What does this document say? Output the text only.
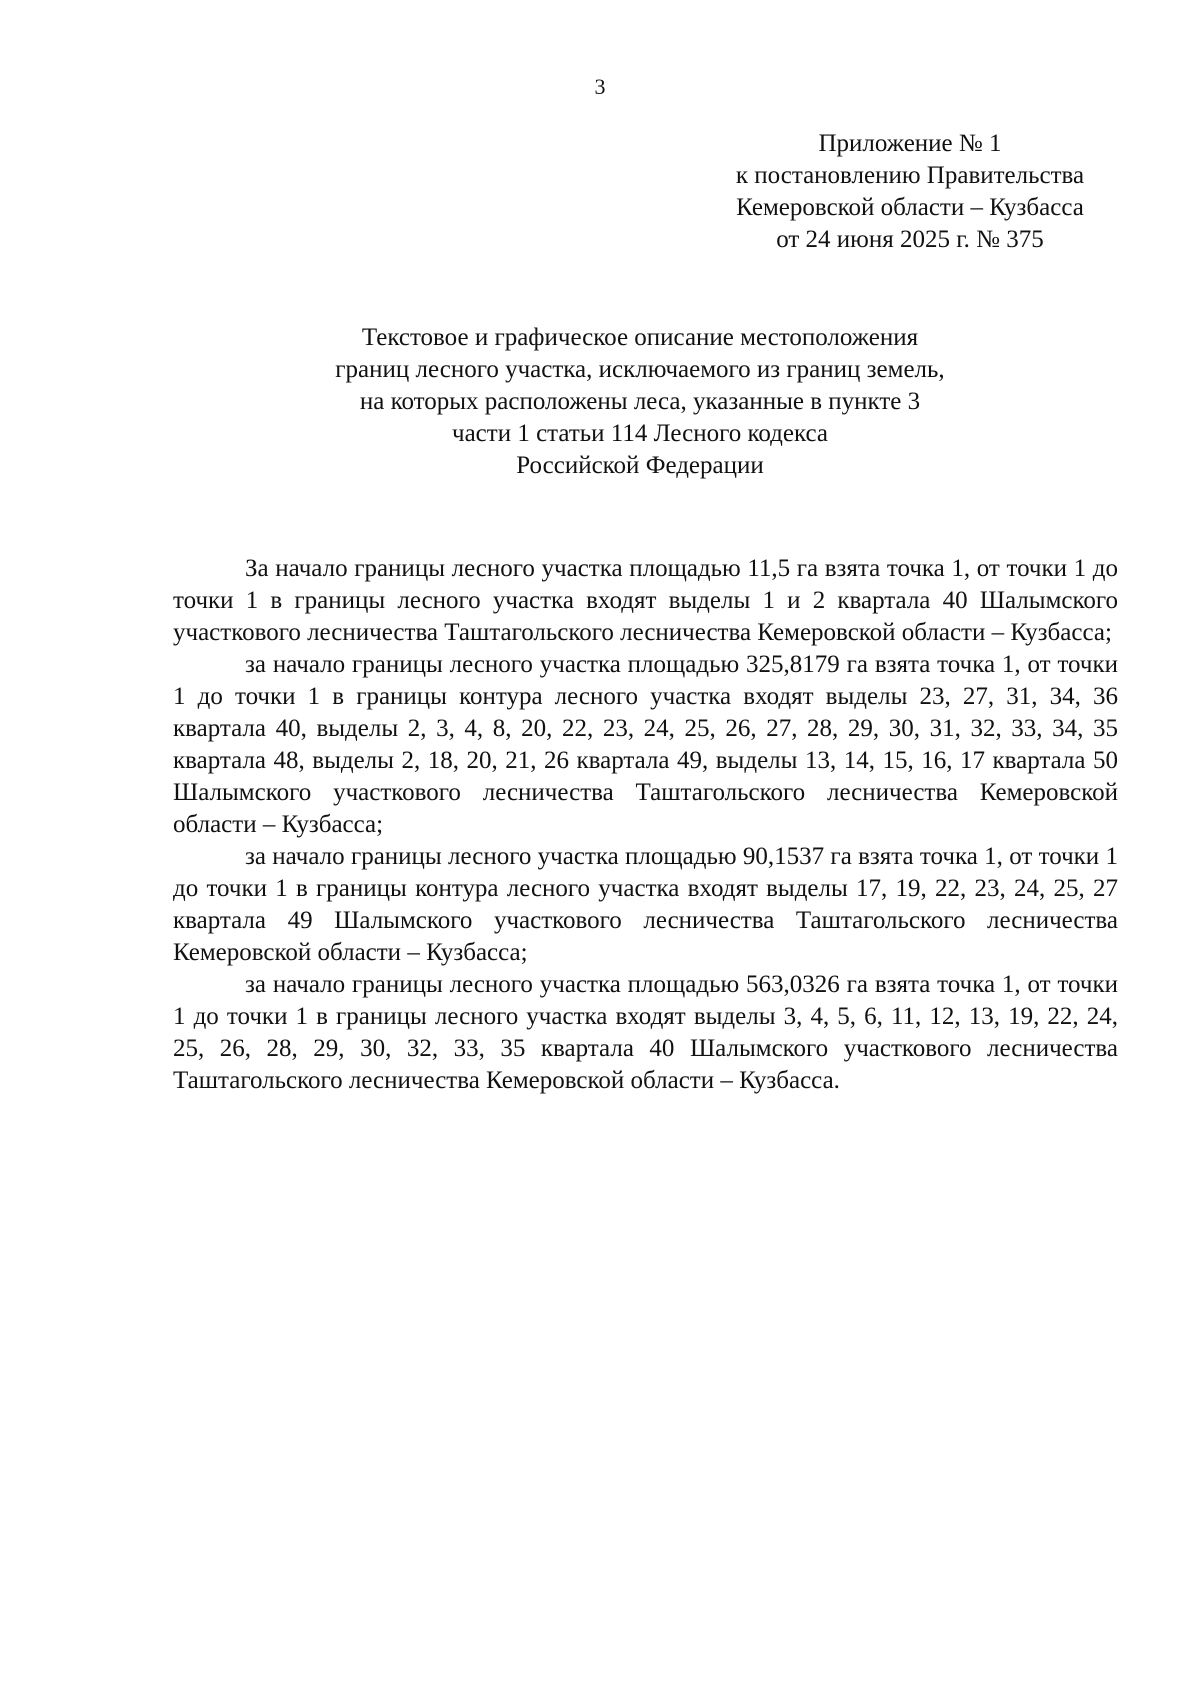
3
Приложение № 1
к постановлению Правительства
Кемеровской области – Кузбасса
от 24 июня 2025 г. № 375
Текстовое и графическое описание местоположения
границ лесного участка, исключаемого из границ земель,
на которых расположены леса, указанные в пункте 3
части 1 статьи 114 Лесного кодекса
Российской Федерации

За начало границы лесного участка площадью 11,5 га взята точка 1, от точки 1 до точки 1 в границы лесного участка входят выделы 1 и 2 квартала 40 Шалымского участкового лесничества Таштагольского лесничества Кемеровской области – Кузбасса;

за начало границы лесного участка площадью 325,8179 га взята точка 1, от точки 1 до точки 1 в границы контура лесного участка входят выделы 23, 27, 31, 34, 36 квартала 40, выделы 2, 3, 4, 8, 20, 22, 23, 24, 25, 26, 27, 28, 29, 30, 31, 32, 33, 34, 35 квартала 48, выделы 2, 18, 20, 21, 26 квартала 49, выделы 13, 14, 15, 16, 17 квартала 50 Шалымского участкового лесничества Таштагольского лесничества Кемеровской области – Кузбасса;

за начало границы лесного участка площадью 90,1537 га взята точка 1, от точки 1 до точки 1 в границы контура лесного участка входят выделы 17, 19, 22, 23, 24, 25, 27 квартала 49 Шалымского участкового лесничества Таштагольского лесничества Кемеровской области – Кузбасса;

за начало границы лесного участка площадью 563,0326 га взята точка 1, от точки 1 до точки 1 в границы лесного участка входят выделы 3, 4, 5, 6, 11, 12, 13, 19, 22, 24, 25, 26, 28, 29, 30, 32, 33, 35 квартала 40 Шалымского участкового лесничества Таштагольского лесничества Кемеровской области – Кузбасса.
